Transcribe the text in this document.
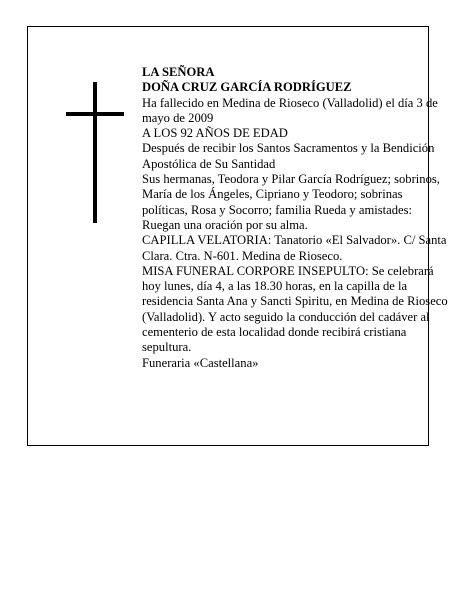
LA SEÑORA

DOÑA CRUZ GARCÍA RODRÍGUEZ

Ha fallecido en Medina de Rioseco (Valladolid) el día 3 de mayo de 2009

A LOS 92 AÑOS DE EDAD

Después de recibir los Santos Sacramentos y la Bendición Apostólica de Su Santidad

Sus hermanas, Teodora y Pilar García Rodríguez; sobrinos, María de los Ángeles, Cipriano y Teodoro; sobrinas políticas, Rosa y Socorro; familia Rueda y amistades:

Ruegan una oración por su alma.

CAPILLA VELATORIA: Tanatorio «El Salvador». C/ Santa Clara. Ctra. N-601. Medina de Rioseco.

MISA FUNERAL CORPORE INSEPULTO: Se celebrará hoy lunes, día 4, a las 18.30 horas, en la capilla de la residencia Santa Ana y Sancti Spiritu, en Medina de Rioseco (Valladolid). Y acto seguido la conducción del cadáver al cementerio de esta localidad donde recibirá cristiana sepultura.

Funeraria «Castellana»
